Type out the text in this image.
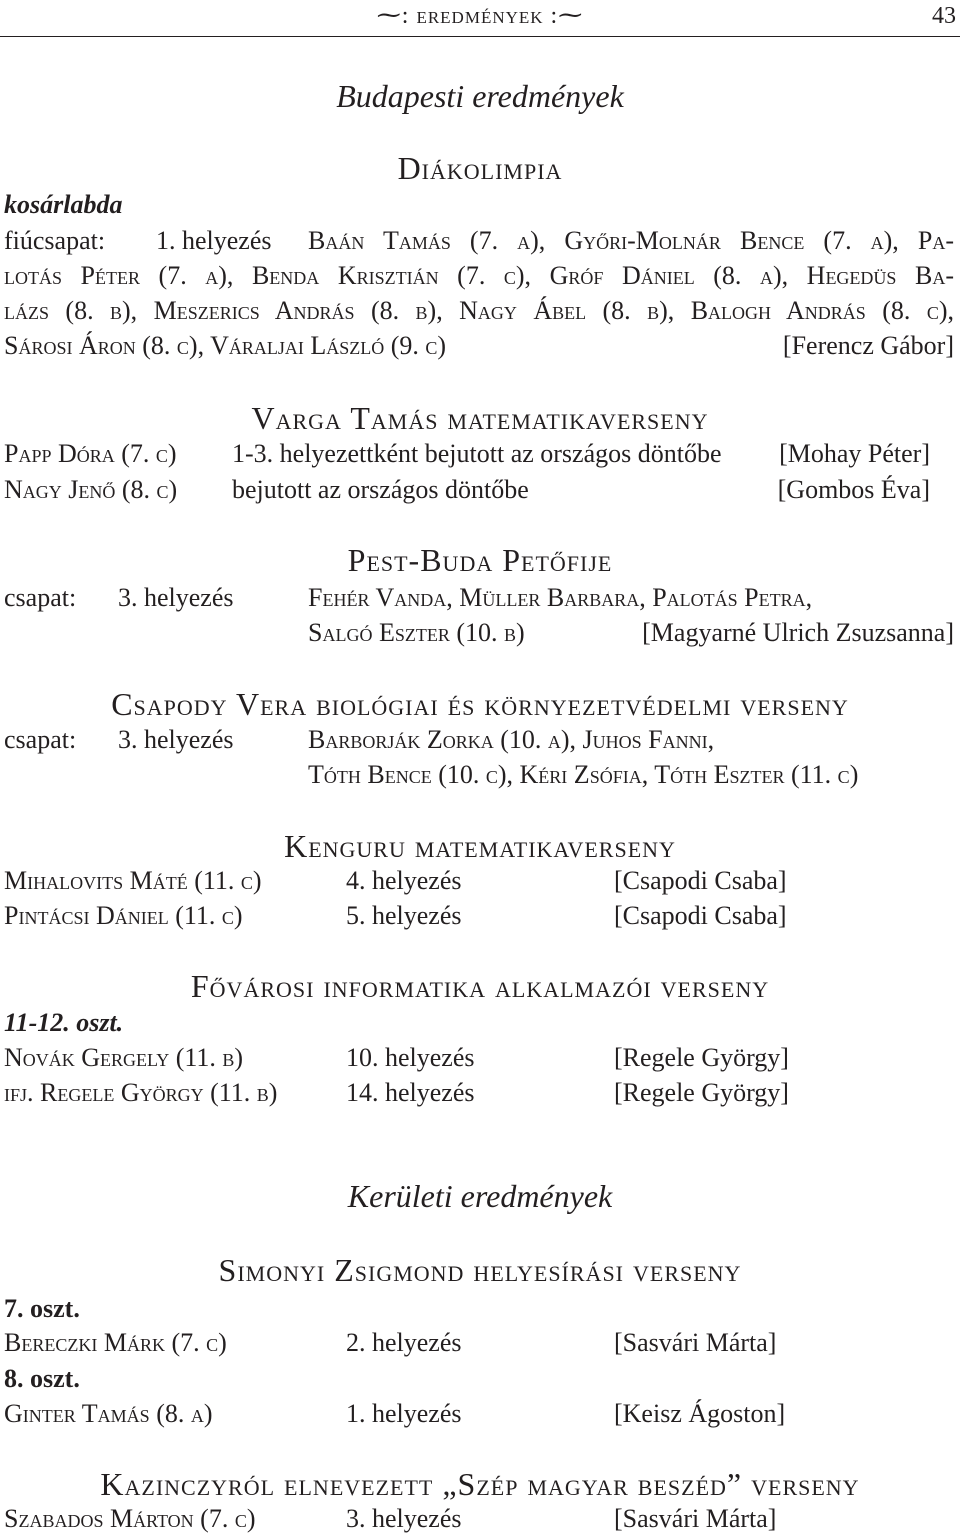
⁓: eredmények :⁓	43
Budapesti eredmények
Diákolimpia
kosárlabda
fiúcsapat: 1. helyezés Baán Tamás (7. a), Győri-Molnár Bence (7. a), Pa-
lotás Péter (7. a), Benda Krisztián (7. c), Gróf Dániel (8. a), Hegedüs Ba-
lázs (8. b), Meszerics András (8. b), Nagy Ábel (8. b), Balogh András (8. c),
Sárosi Áron (8. c), Váraljai László (9. c)	[Ferencz Gábor]
Varga Tamás matematikaverseny
Papp Dóra (7. c) 1-3. helyezettként bejutott az országos döntőbe [Mohay Péter]
Nagy Jenő (8. c) bejutott az országos döntőbe	[Gombos Éva]
Pest-Buda Petőfije
csapat: 3. helyezés	Fehér Vanda, Müller Barbara, Palotás Petra,
Salgó Eszter (10. b)	[Magyarné Ulrich Zsuzsanna]
Csapody Vera biológiai és környezetvédelmi verseny
csapat: 3. helyezés	Barborják Zorka (10. a), Juhos Fanni,
Tóth Bence (10. c), Kéri Zsófia, Tóth Eszter (11. c)
Kenguru matematikaverseny
Mihalovits Máté (11. c)	4. helyezés	[Csapodi Csaba]
Pintácsi Dániel (11. c)	5. helyezés	[Csapodi Csaba]
Fővárosi informatika alkalmazói verseny
11-12. oszt.
Novák Gergely (11. b)	10. helyezés	[Regele György]
ifj. Regele György (11. b)	14. helyezés	[Regele György]
Kerületi eredmények
Simonyi Zsigmond helyesírási verseny
7. oszt.
Bereczki Márk (7. c)	2. helyezés	[Sasvári Márta]
8. oszt.
Ginter Tamás (8. a)	1. helyezés	[Keisz Ágoston]
Kazinczyról elnevezett „Szép magyar beszéd” verseny
Szabados Márton (7. c)	3. helyezés	[Sasvári Márta]
